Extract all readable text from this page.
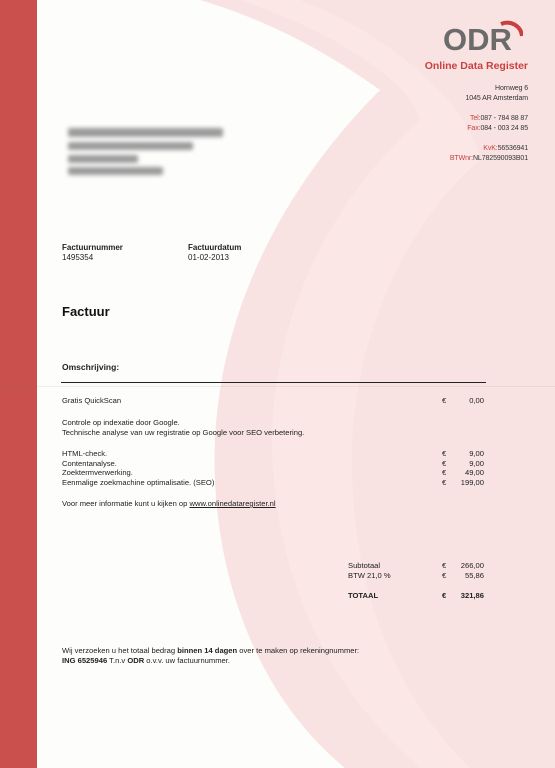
ODR
Online Data Register
Hornweg 6
1045 AR Amsterdam
Tel:087 - 784 88 87
Fax:084 - 003 24 85
KvK:56536941
BTWnr:NL782590093B01
Factuurnummer
1495354
Factuurdatum
01-02-2013
Factuur
Omschrijving:
Gratis QuickScan	€	0,00
Controle op indexatie door Google.
Technische analyse van uw registratie op Google voor SEO verbetering.
HTML-check.	€	9,00
Contentanalyse.	€	9,00
Zoektermverwerking.	€ 49,00
Eenmalige zoekmachine optimalisatie. (SEO)	€ 199,00
Voor meer informatie kunt u kijken op www.onlinedataregister.nl
Subtotaal	€ 266,00
BTW 21,0 %	€ 55,86
TOTAAL	€ 321,86
Wij verzoeken u het totaal bedrag binnen 14 dagen over te maken op rekeningnummer:
ING 6525946 T.n.v ODR o.v.v. uw factuurnummer.
